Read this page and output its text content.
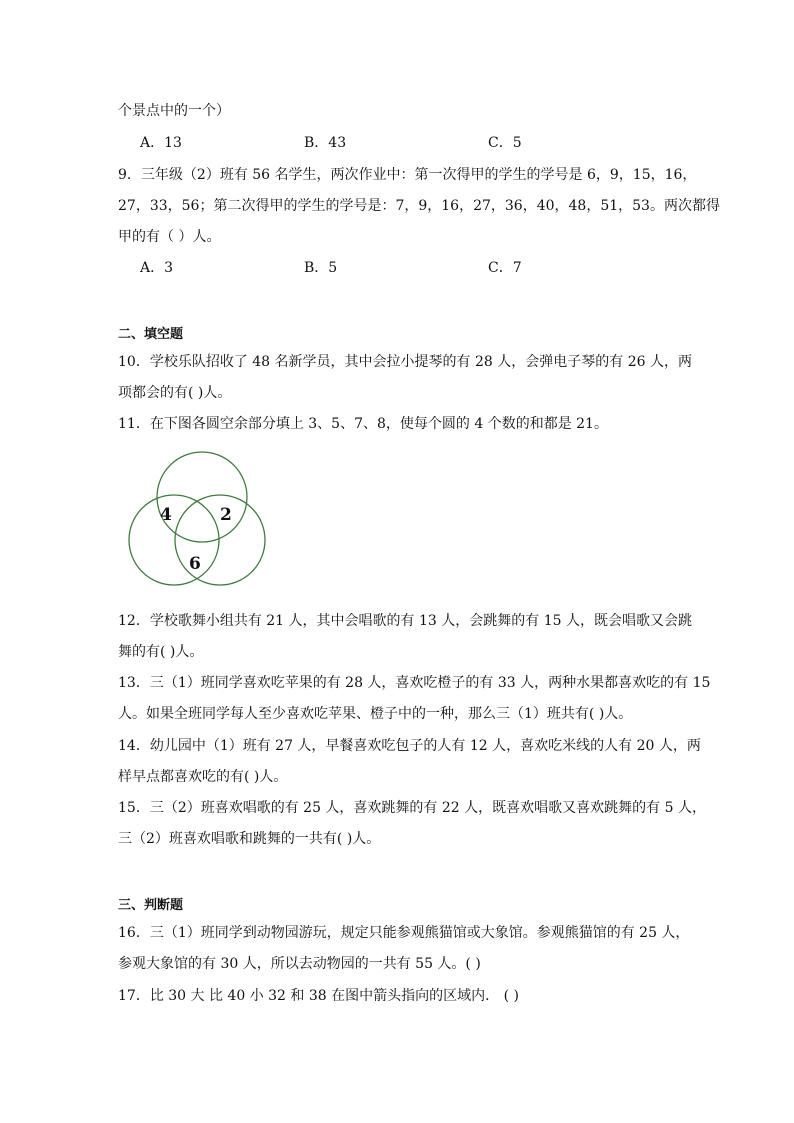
个景点中的一个）
A．13	B．43	C．5
9．三年级（2）班有 56 名学生，两次作业中：第一次得甲的学生的学号是 6，9，15，16，
27，33，56；第二次得甲的学生的学号是：7，9，16，27，36，40，48，51，53。两次都得
甲的有（ ）人。
A．3	B．5	C．7
二、填空题
10．学校乐队招收了 48 名新学员，其中会拉小提琴的有 28 人，会弹电子琴的有 26 人，两
项都会的有( )人。
11．在下图各圆空余部分填上 3、5、7、8，使每个圆的 4 个数的和都是 21。
4	2
6
12．学校歌舞小组共有 21 人，其中会唱歌的有 13 人，会跳舞的有 15 人，既会唱歌又会跳
舞的有( )人。
13．三（1）班同学喜欢吃苹果的有 28 人，喜欢吃橙子的有 33 人，两种水果都喜欢吃的有 15
人。如果全班同学每人至少喜欢吃苹果、橙子中的一种，那么三（1）班共有( )人。
14．幼儿园中（1）班有 27 人，早餐喜欢吃包子的人有 12 人，喜欢吃米线的人有 20 人，两
样早点都喜欢吃的有( )人。
15．三（2）班喜欢唱歌的有 25 人，喜欢跳舞的有 22 人，既喜欢唱歌又喜欢跳舞的有 5 人，
三（2）班喜欢唱歌和跳舞的一共有( )人。
三、判断题
16．三（1）班同学到动物园游玩，规定只能参观熊猫馆或大象馆。参观熊猫馆的有 25 人，
参观大象馆的有 30 人，所以去动物园的一共有 55 人。( )
17．比 30 大 比 40 小 32 和 38 在图中箭头指向的区域内． ( )
